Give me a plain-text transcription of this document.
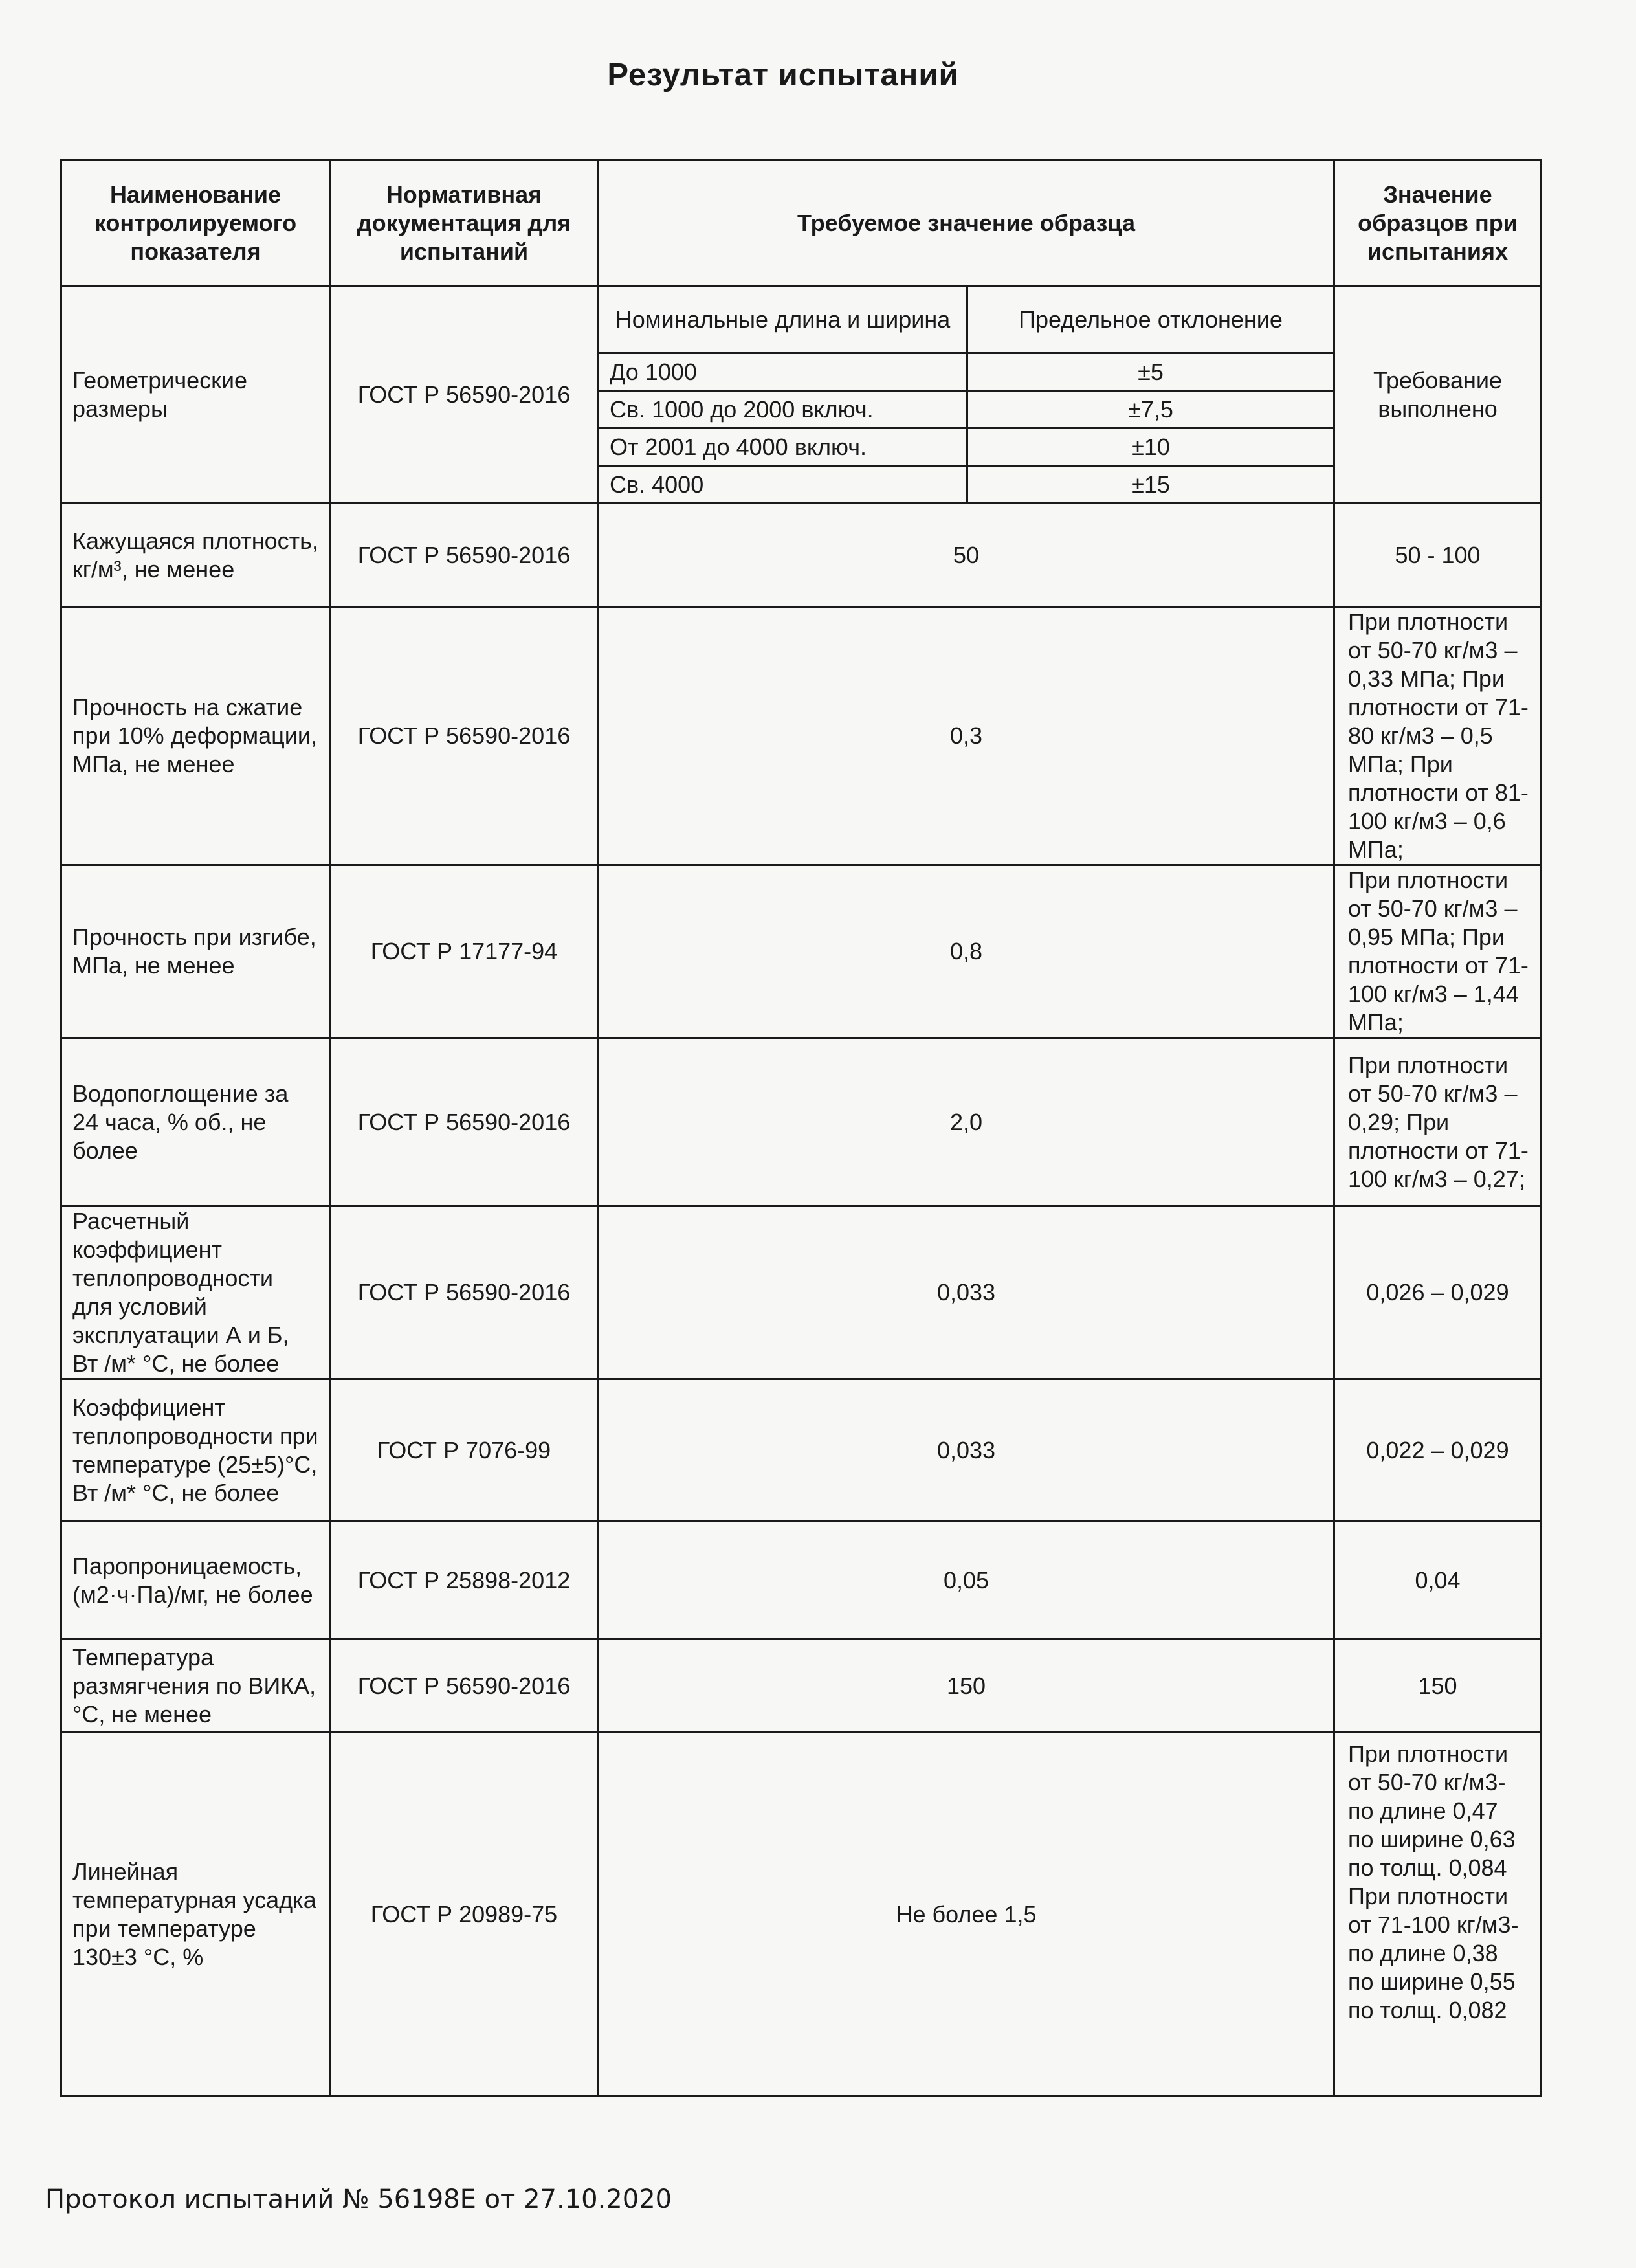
Результат испытаний
Наименование контролируемого показателя	Нормативная документация для испытаний	Требуемое значение образца		Значение образцов при испытаниях
Геометрические размеры	ГОСТ Р 56590-2016	Номинальные длина и ширина	Предельное отклонение	Требование выполнено
		До 1000	±5	
		Св. 1000 до 2000 включ.	±7,5	
		От 2001 до 4000 включ.	±10	
		Св. 4000	±15	
Кажущаяся плотность, кг/м³, не менее	ГОСТ Р 56590-2016	50		50 - 100
Прочность на сжатие при 10% деформации, МПа, не менее	ГОСТ Р 56590-2016	0,3		При плотности от 50-70 кг/м3 – 0,33 МПа; При плотности от 71-80 кг/м3 – 0,5 МПа; При плотности от 81-100 кг/м3 – 0,6 МПа;
Прочность при изгибе, МПа, не менее	ГОСТ Р 17177-94	0,8		При плотности от 50-70 кг/м3 – 0,95 МПа; При плотности от 71-100 кг/м3 – 1,44 МПа;
Водопоглощение за 24 часа, % об., не более	ГОСТ Р 56590-2016	2,0		При плотности от 50-70 кг/м3 – 0,29; При плотности от 71-100 кг/м3 – 0,27;
Расчетный коэффициент теплопроводности для условий эксплуатации А и Б, Вт /м* °С, не более	ГОСТ Р 56590-2016	0,033		0,026 – 0,029
Коэффициент теплопроводности при температуре (25±5)°С, Вт /м* °С, не более	ГОСТ Р 7076-99	0,033		0,022 – 0,029
Паропроницаемость, (м2·ч·Па)/мг, не более	ГОСТ Р 25898-2012	0,05		0,04
Температура размягчения по ВИКА, °С, не менее	ГОСТ Р 56590-2016	150		150
Линейная температурная усадка при температуре 130±3 °С, %	ГОСТ Р 20989-75	Не более 1,5		При плотности от 50-70 кг/м3- по длине 0,47 по ширине 0,63 по толщ. 0,084 При плотности от 71-100 кг/м3- по длине 0,38 по ширине 0,55 по толщ. 0,082
Протокол испытаний № 56198Е от 27.10.2020
